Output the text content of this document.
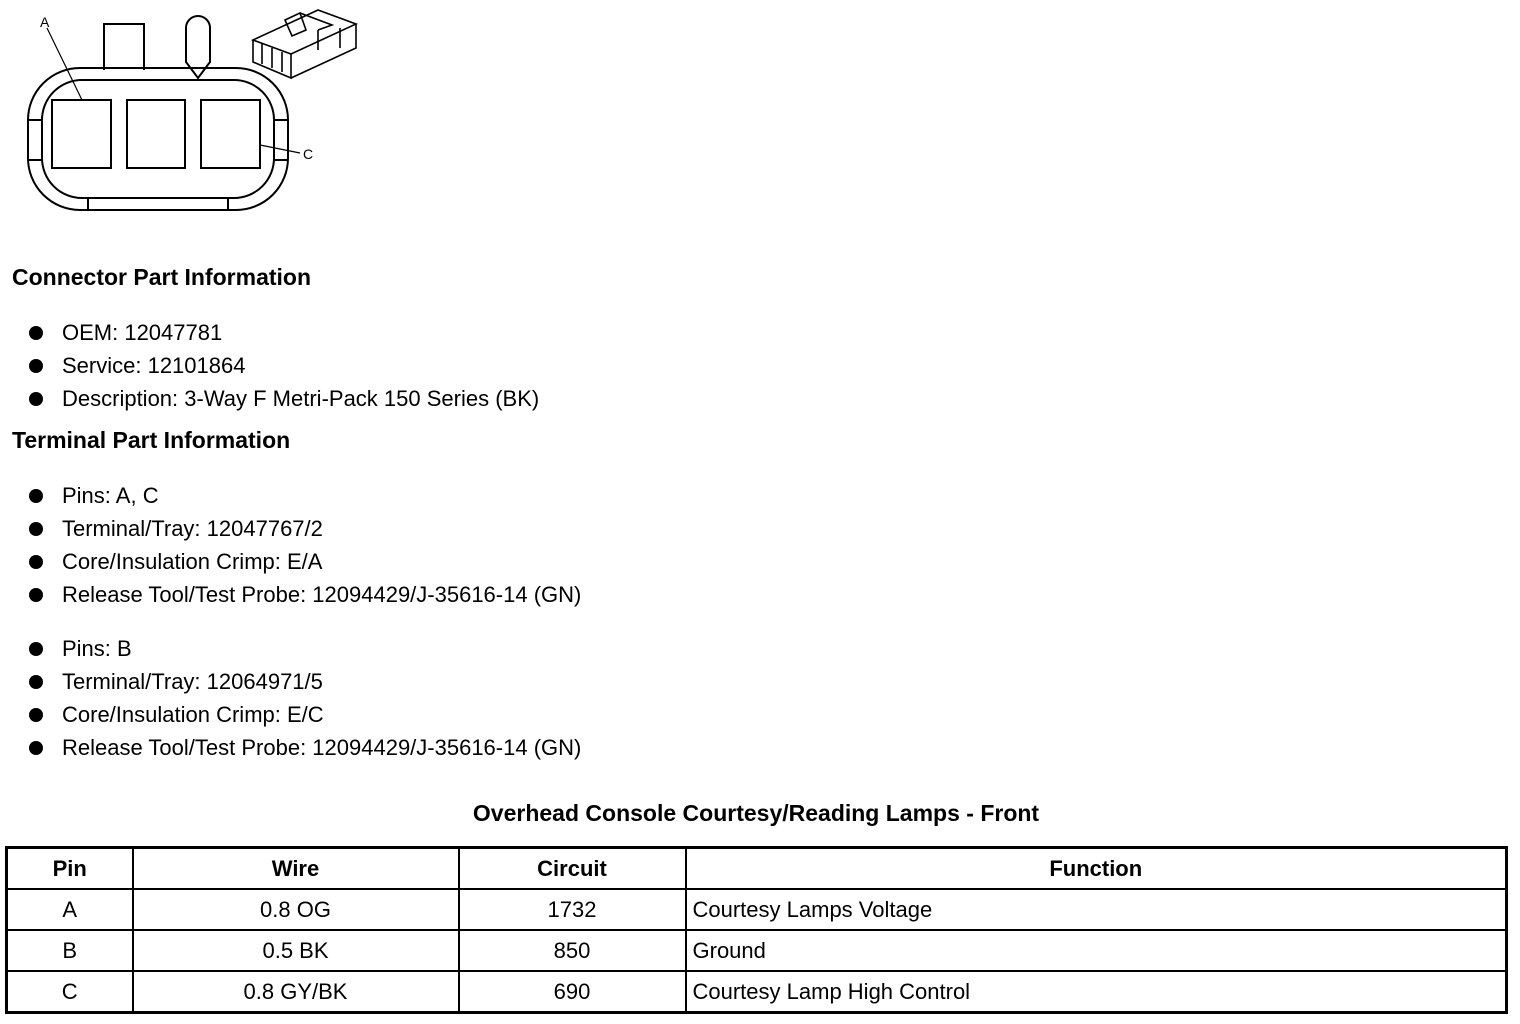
A
C
Connector Part Information
OEM: 12047781
Service: 12101864
Description: 3-Way F Metri-Pack 150 Series (BK)
Terminal Part Information
Pins: A, C
Terminal/Tray: 12047767/2
Core/Insulation Crimp: E/A
Release Tool/Test Probe: 12094429/J-35616-14 (GN)
Pins: B
Terminal/Tray: 12064971/5
Core/Insulation Crimp: E/C
Release Tool/Test Probe: 12094429/J-35616-14 (GN)
Overhead Console Courtesy/Reading Lamps - Front
Pin	Wire	Circuit	Function
A	0.8 OG	1732	Courtesy Lamps Voltage
B	0.5 BK	850	Ground
C	0.8 GY/BK	690	Courtesy Lamp High Control
